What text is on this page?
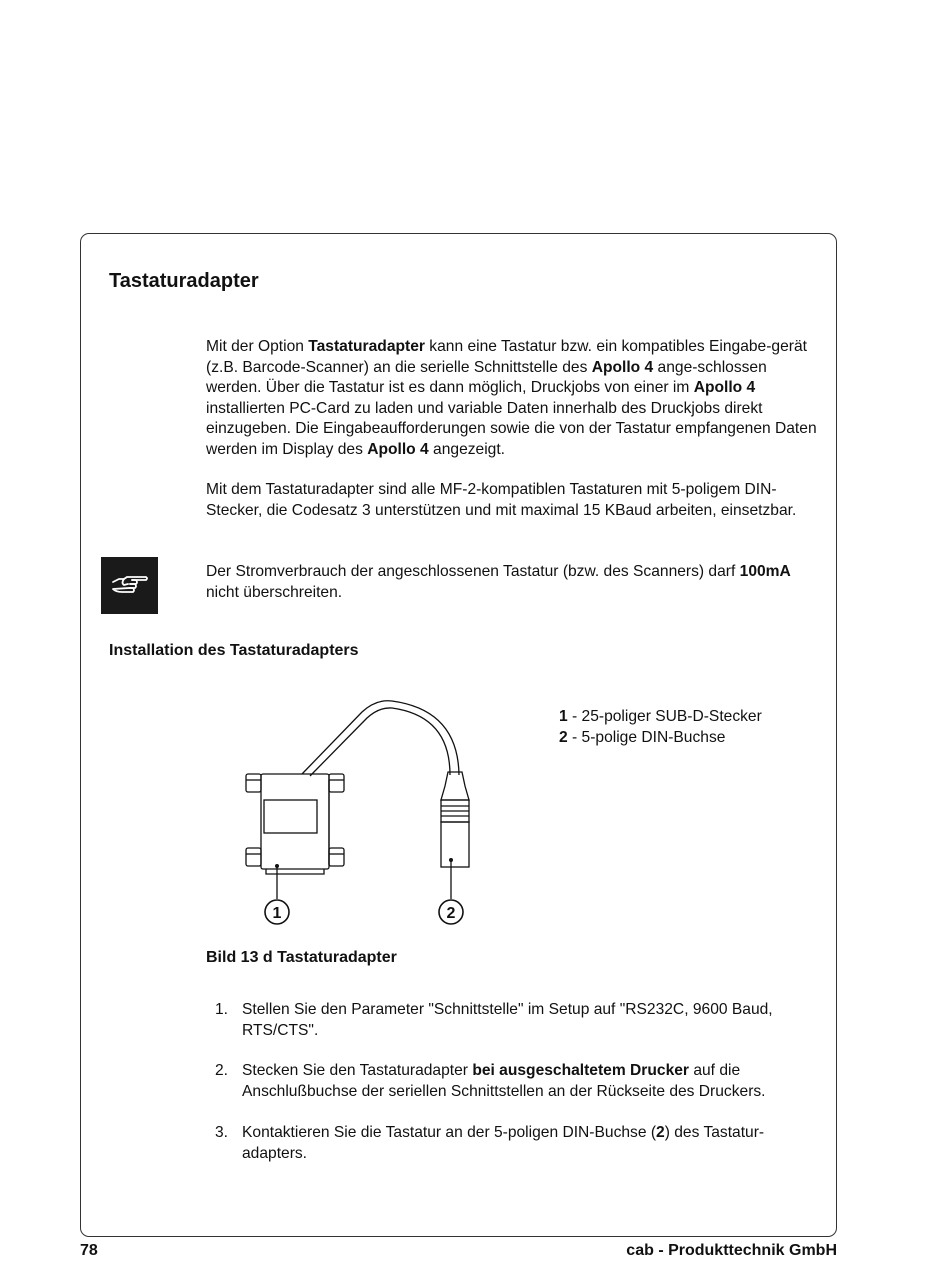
Tastaturadapter
Mit der Option Tastaturadapter kann eine Tastatur bzw. ein kompatibles Eingabe-gerät (z.B. Barcode-Scanner) an die serielle Schnittstelle des Apollo 4 ange-schlossen werden. Über die Tastatur ist es dann möglich, Druckjobs von einer im Apollo 4 installierten PC-Card zu laden und variable Daten innerhalb des Druckjobs direkt einzugeben. Die Eingabeaufforderungen sowie die von der Tastatur empfangenen Daten werden im Display des Apollo 4 angezeigt.
Mit dem Tastaturadapter sind alle MF-2-kompatiblen Tastaturen mit 5-poligem DIN-Stecker, die Codesatz 3 unterstützen und mit maximal 15 KBaud arbeiten, einsetzbar.
Der Stromverbrauch der angeschlossenen Tastatur (bzw. des Scanners) darf 100mA nicht überschreiten.
Installation des Tastaturadapters
1	2
1 - 25-poliger SUB-D-Stecker
2 - 5-polige DIN-Buchse
Bild 13 d Tastaturadapter
1. Stellen Sie den Parameter "Schnittstelle" im Setup auf "RS232C, 9600 Baud, RTS/CTS".
2. Stecken Sie den Tastaturadapter bei ausgeschaltetem Drucker auf die Anschlußbuchse der seriellen Schnittstellen an der Rückseite des Druckers.
3. Kontaktieren Sie die Tastatur an der 5-poligen DIN-Buchse (2) des Tastatur-adapters.
78	cab - Produkttechnik GmbH
